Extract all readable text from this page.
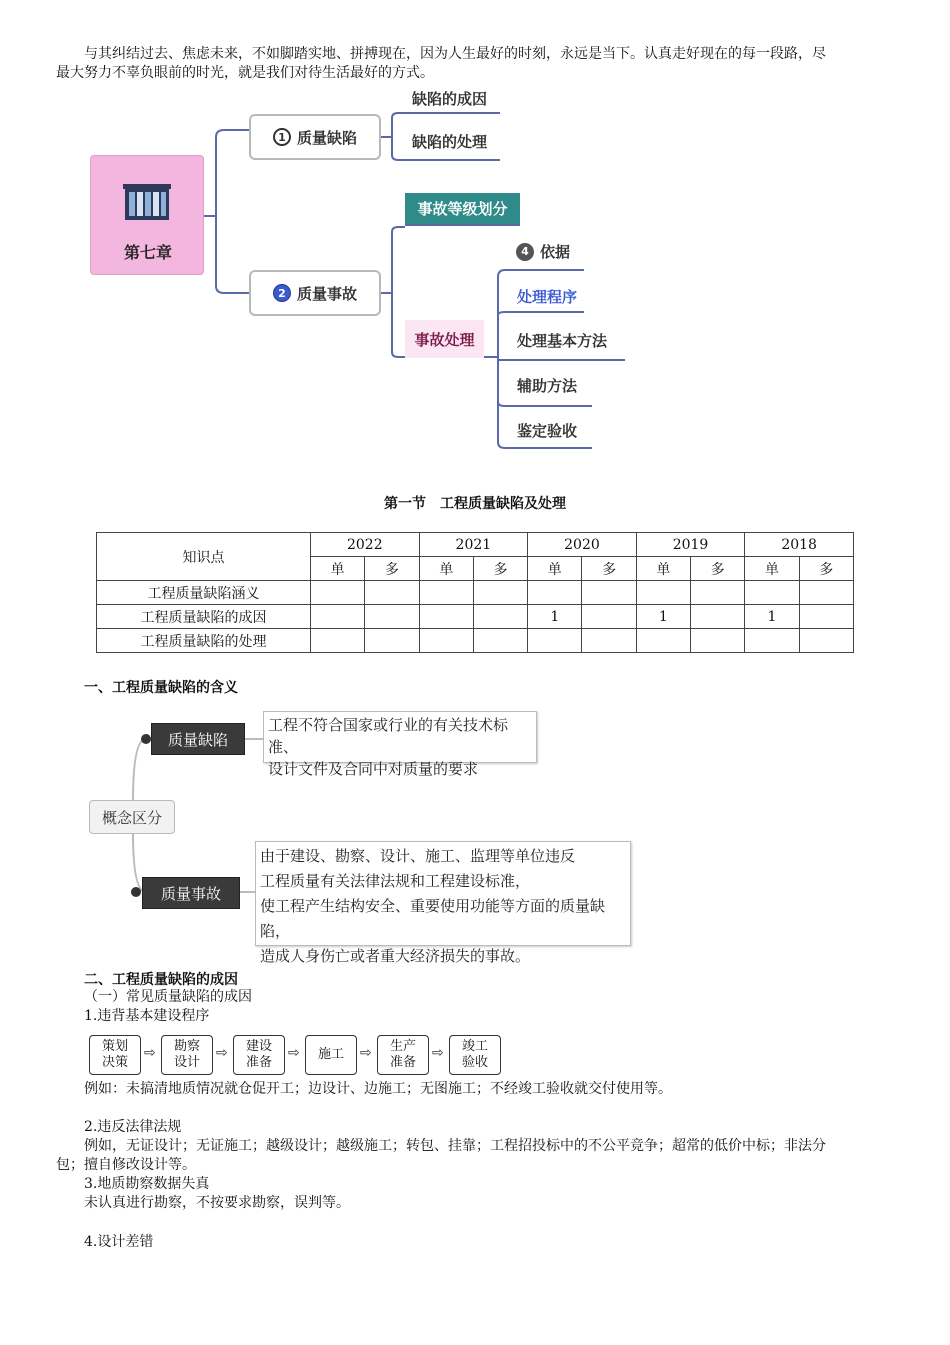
与其纠结过去、焦虑未来，不如脚踏实地、拼搏现在，因为人生最好的时刻，永远是当下。认真走好现在的每一段路，尽
最大努力不辜负眼前的时光，就是我们对待生活最好的方式。
第七章
1 质量缺陷
缺陷的成因
缺陷的处理
2 质量事故
事故等级划分
事故处理
4 依据
处理程序
处理基本方法
辅助方法
鉴定验收
第一节　工程质量缺陷及处理
知识点	2022		2021		2020		2019		2018	
	单	多	单	多	单	多	单	多	单	多
工程质量缺陷涵义										
工程质量缺陷的成因					1		1		1	
工程质量缺陷的处理										
一、工程质量缺陷的含义
概念区分
质量缺陷
工程不符合国家或行业的有关技术标准、
设计文件及合同中对质量的要求
质量事故
由于建设、勘察、设计、施工、监理等单位违反
工程质量有关法律法规和工程建设标准，
使工程产生结构安全、重要使用功能等方面的质量缺陷，
造成人身伤亡或者重大经济损失的事故。
二、工程质量缺陷的成因
（一）常见质量缺陷的成因
1.违背基本建设程序
策划
决策
⇨ 勘察
设计
⇨ 建设
准备
⇨ 施工 ⇨ 生产
准备
⇨ 竣工
验收
例如：未搞清地质情况就仓促开工；边设计、边施工；无图施工；不经竣工验收就交付使用等。
2.违反法律法规
例如，无证设计；无证施工；越级设计；越级施工；转包、挂靠；工程招投标中的不公平竞争；超常的低价中标；非法分
包；擅自修改设计等。
3.地质勘察数据失真
未认真进行勘察，不按要求勘察，误判等。
4.设计差错
